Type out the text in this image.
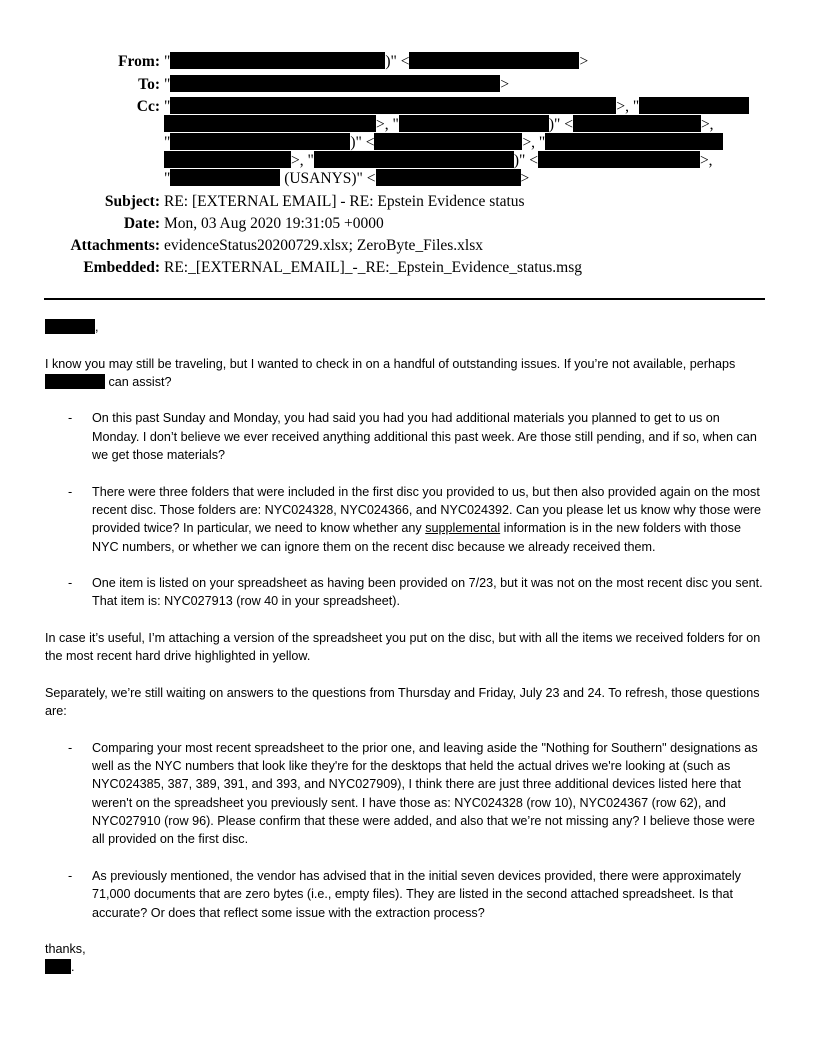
From: "	)" <	>
To: "	>
Cc: "	>, "
>, "	)" <	>,
"	)" <	>, "
>, "	)" <	>,
"	(USANYS)" <	>
Subject: RE: [EXTERNAL EMAIL] - RE: Epstein Evidence status
Date: Mon, 03 Aug 2020 19:31:05 +0000
Attachments: evidenceStatus20200729.xlsx; ZeroByte_Files.xlsx
Embedded: RE:_[EXTERNAL_EMAIL]_-_RE:_Epstein_Evidence_status.msg

,

I know you may still be traveling, but I wanted to check in on a handful of outstanding issues. If you’re not available, perhaps  can assist?

- On this past Sunday and Monday, you had said you had you had additional materials you planned to get to us on Monday. I don’t believe we ever received anything additional this past week. Are those still pending, and if so, when can we get those materials?
- There were three folders that were included in the first disc you provided to us, but then also provided again on the most recent disc. Those folders are: NYC024328, NYC024366, and NYC024392. Can you please let us know why those were provided twice? In particular, we need to know whether any supplemental information is in the new folders with those NYC numbers, or whether we can ignore them on the recent disc because we already received them.
- One item is listed on your spreadsheet as having been provided on 7/23, but it was not on the most recent disc you sent. That item is: NYC027913 (row 40 in your spreadsheet).

In case it’s useful, I’m attaching a version of the spreadsheet you put on the disc, but with all the items we received folders for on the most recent hard drive highlighted in yellow.

Separately, we’re still waiting on answers to the questions from Thursday and Friday, July 23 and 24. To refresh, those questions are:

- Comparing your most recent spreadsheet to the prior one, and leaving aside the "Nothing for Southern" designations as well as the NYC numbers that look like they're for the desktops that held the actual drives we're looking at (such as NYC024385, 387, 389, 391, and 393, and NYC027909), I think there are just three additional devices listed here that weren't on the spreadsheet you previously sent. I have those as: NYC024328 (row 10), NYC024367 (row 62), and NYC027910 (row 96). Please confirm that these were added, and also that we’re not missing any? I believe those were all provided on the first disc.
- As previously mentioned, the vendor has advised that in the initial seven devices provided, there were approximately 71,000 documents that are zero bytes (i.e., empty files). They are listed in the second attached spreadsheet. Is that accurate? Or does that reflect some issue with the extraction process?

thanks,

.
